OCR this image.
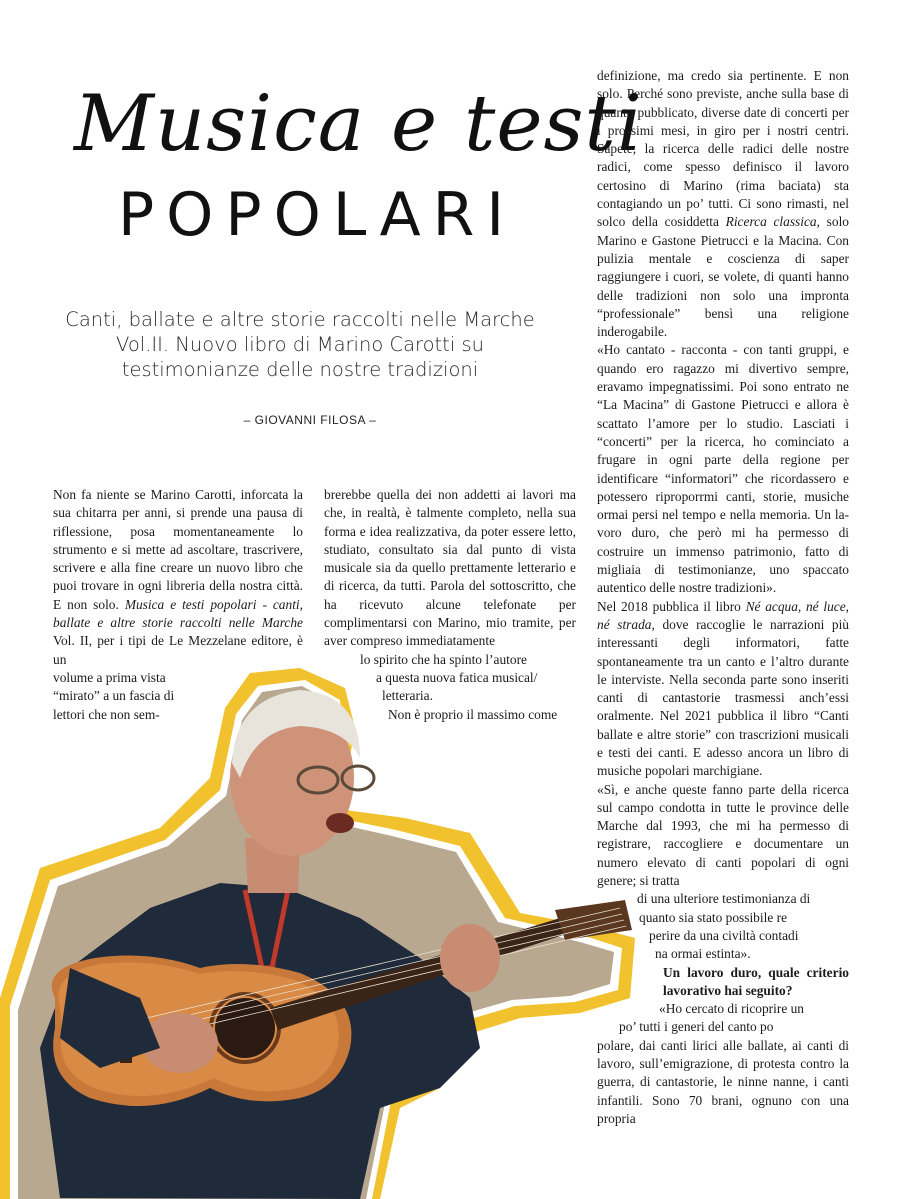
Musica e testi
POPOLARI
Canti, ballate e altre storie raccolti nelle Marche Vol.II. Nuovo libro di Marino Carotti su testimonianze delle nostre tradizioni
– GIOVANNI FILOSA –

Non fa niente se Marino Carotti, inforcata la sua chitarra per anni, si prende una pausa di riflessione, posa momentaneamente lo strumento e si mette ad ascoltare, trascrivere, scrivere e alla fine creare un nuovo libro che puoi trovare in ogni libreria della nostra città. E non solo. Musica e testi popolari - canti, ballate e altre storie raccolti nelle Marche Vol. II, per i tipi de Le Mezzelane editore, è un
volume a prima vista
“mirato” a un fascia di
lettori che non sem-

brerebbe quella dei non addetti ai lavori ma che, in realtà, è talmente completo, nella sua forma e idea realizzativa, da poter essere letto, studiato, consultato sia dal punto di vista musicale sia da quello prettamente letterario e di ricerca, da tutti. Parola del sottoscritto, che ha ricevuto alcune telefonate per complimentarsi con Marino, mio tramite, per aver compreso immediatamente

lo spirito che ha spinto l’autore

a questa nuova fatica musical/

letteraria.

Non è proprio il massimo come

definizione, ma credo sia pertinente. E non solo. Perché sono previste, anche sulla base di quanto pubblicato, diverse date di concerti per i prossimi mesi, in giro per i nostri centri. Sapete, la ricerca delle radici delle nostre radici, come spesso definisco il lavoro certosino di Marino (rima baciata) sta contagiando un po’ tutti. Ci sono rimasti, nel solco della cosiddetta Ricerca classica, solo Marino e Gastone Pietrucci e la Macina. Con pulizia mentale e coscienza di saper raggiungere i cuori, se volete, di quanti hanno delle tradizioni non solo una impronta “professionale” bensì una religione inderogabile.

«Ho cantato - racconta - con tanti gruppi, e quando ero ragazzo mi divertivo sempre, eravamo impegnatissimi. Poi sono entrato ne “La Macina” di Gastone Pietrucci e allora è scattato l’amore per lo studio. Lasciati i “concerti” per la ricerca, ho cominciato a frugare in ogni parte della regione per identificare “informatori” che ricordassero e potessero riproporrmi canti, storie, musiche ormai persi nel tempo e nella memoria. Un lavoro duro, che però mi ha permesso di costruire un immenso patrimonio, fatto di migliaia di testimonianze, uno spaccato autentico delle nostre tradizioni».

Nel 2018 pubblica il libro Né acqua, né luce, né strada, dove raccoglie le narrazioni più interessanti degli informatori, fatte spontaneamente tra un canto e l’altro durante le interviste. Nella seconda parte sono inseriti canti di cantastorie trasmessi anch’essi oralmente. Nel 2021 pubblica il libro “Canti ballate e altre storie” con trascrizioni musicali e testi dei canti. E adesso ancora un libro di musiche popolari marchigiane.

«Sì, e anche queste fanno parte della ricerca sul campo condotta in tutte le province delle Marche dal 1993, che mi ha permesso di registrare, raccogliere e documentare un numero elevato di canti popolari di ogni genere; si tratta

di una ulteriore testimonianza di

quanto sia stato possibile re

perire da una civiltà contadi

na ormai estinta».

Un lavoro duro, quale criterio lavorativo hai seguito?

«Ho cercato di ricoprire un

po’ tutti i generi del canto po

polare, dai canti lirici alle ballate, ai canti di lavoro, sull’emigrazione, di protesta contro la guerra, di cantastorie, le ninne nanne, i canti infantili. Sono 70 brani, ognuno con una propria
